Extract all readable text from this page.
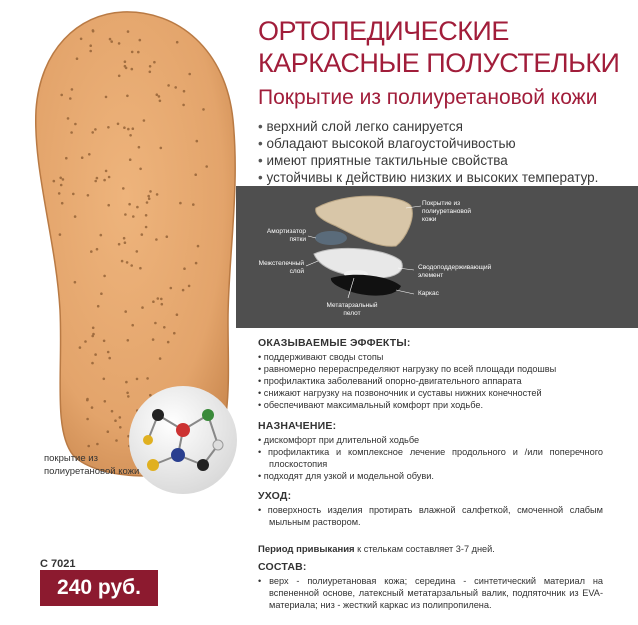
ОРТОПЕДИЧЕСКИЕ
КАРКАСНЫЕ ПОЛУСТЕЛЬКИ
Покрытие из полиуретановой кожи
• верхний слой легко санируется
• обладают высокой влагоустойчивостью
• имеют приятные тактильные свойства
• устойчивы к действию низких и высоких температур.
Покрытие из полиуретановой кожи
Амортизатор пятки
Межстелечный слой
Сводоподдерживающий элемент
Каркас
Метатарзальный пелот
ОКАЗЫВАЕМЫЕ ЭФФЕКТЫ:
• поддерживают своды стопы
• равномерно перераспределяют нагрузку по всей площади подошвы
• профилактика заболеваний опорно-двигательного аппарата
• снижают нагрузку на позвоночник и суставы нижних конечностей
• обеспечивают максимальный комфорт при ходьбе.
НАЗНАЧЕНИЕ:
• дискомфорт при длительной ходьбе
• профилактика и комплексное лечение продольного и /или поперечного плоскостопия
• подходят для узкой и модельной обуви.
УХОД:
• поверхность изделия протирать влажной салфеткой, смоченной слабым мыльным раствором.
Период привыкания к стелькам составляет 3-7 дней.
СОСТАВ:
• верх - полиуретановая кожа; середина - синтетический материал на вспененной основе, латексный метатарзальный валик, подпяточник из EVA-материала; низ - жесткий каркас из полипропилена.
покрытие из полиуретановой кожи
С 7021
240 руб.
